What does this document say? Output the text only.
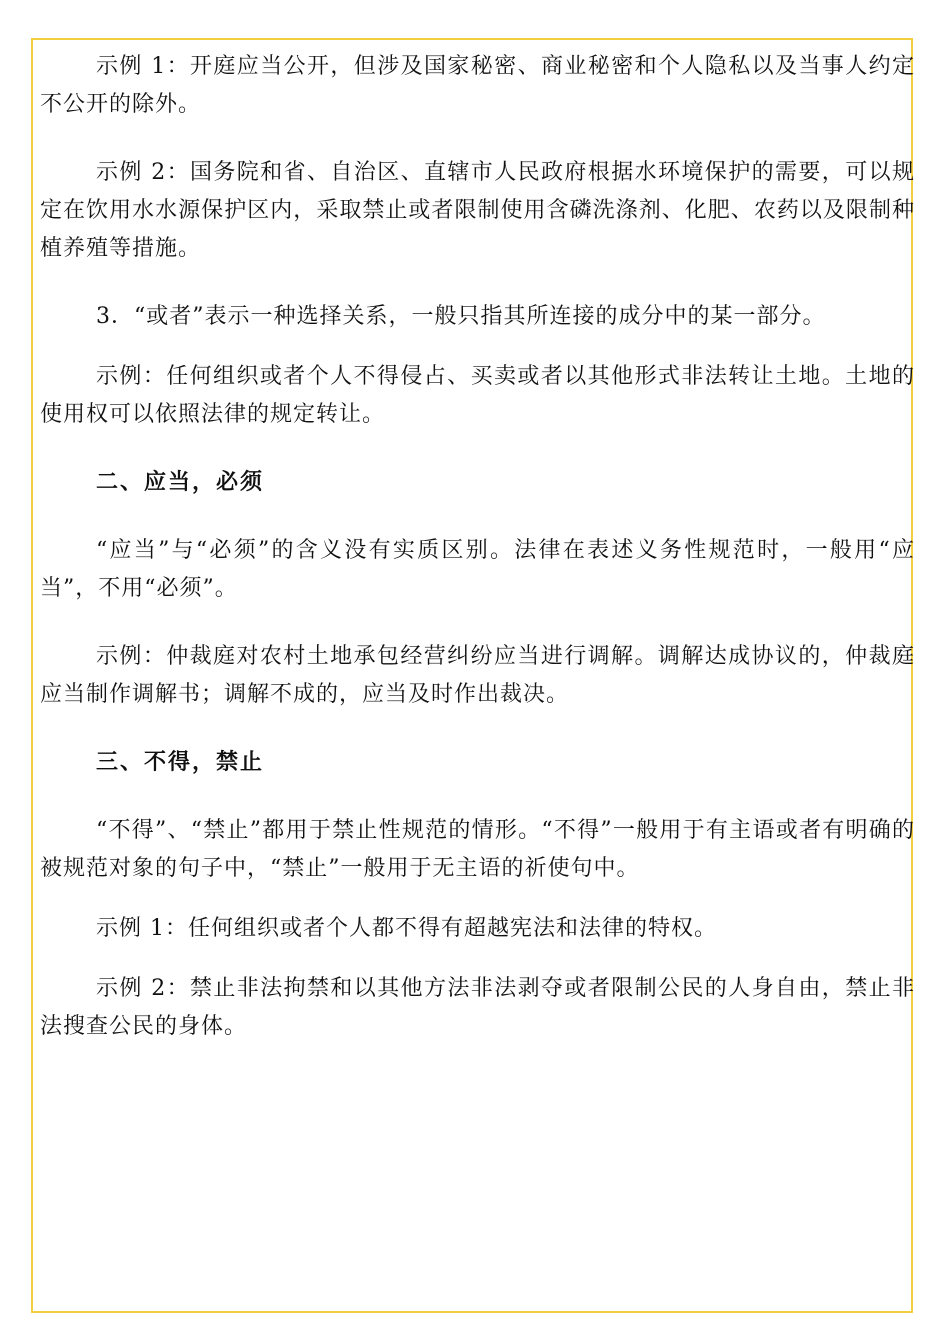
示例 1：开庭应当公开，但涉及国家秘密、商业秘密和个人隐私以及当事人约定不公开的除外。

示例 2：国务院和省、自治区、直辖市人民政府根据水环境保护的需要，可以规定在饮用水水源保护区内，采取禁止或者限制使用含磷洗涤剂、化肥、农药以及限制种植养殖等措施。

3．“或者”表示一种选择关系，一般只指其所连接的成分中的某一部分。

示例：任何组织或者个人不得侵占、买卖或者以其他形式非法转让土地。土地的使用权可以依照法律的规定转让。

二、应当，必须

“应当”与“必须”的含义没有实质区别。法律在表述义务性规范时，一般用“应当”，不用“必须”。

示例：仲裁庭对农村土地承包经营纠纷应当进行调解。调解达成协议的，仲裁庭应当制作调解书；调解不成的，应当及时作出裁决。

三、不得，禁止

“不得”、“禁止”都用于禁止性规范的情形。“不得”一般用于有主语或者有明确的被规范对象的句子中，“禁止”一般用于无主语的祈使句中。

示例 1：任何组织或者个人都不得有超越宪法和法律的特权。

示例 2：禁止非法拘禁和以其他方法非法剥夺或者限制公民的人身自由，禁止非法搜查公民的身体。
